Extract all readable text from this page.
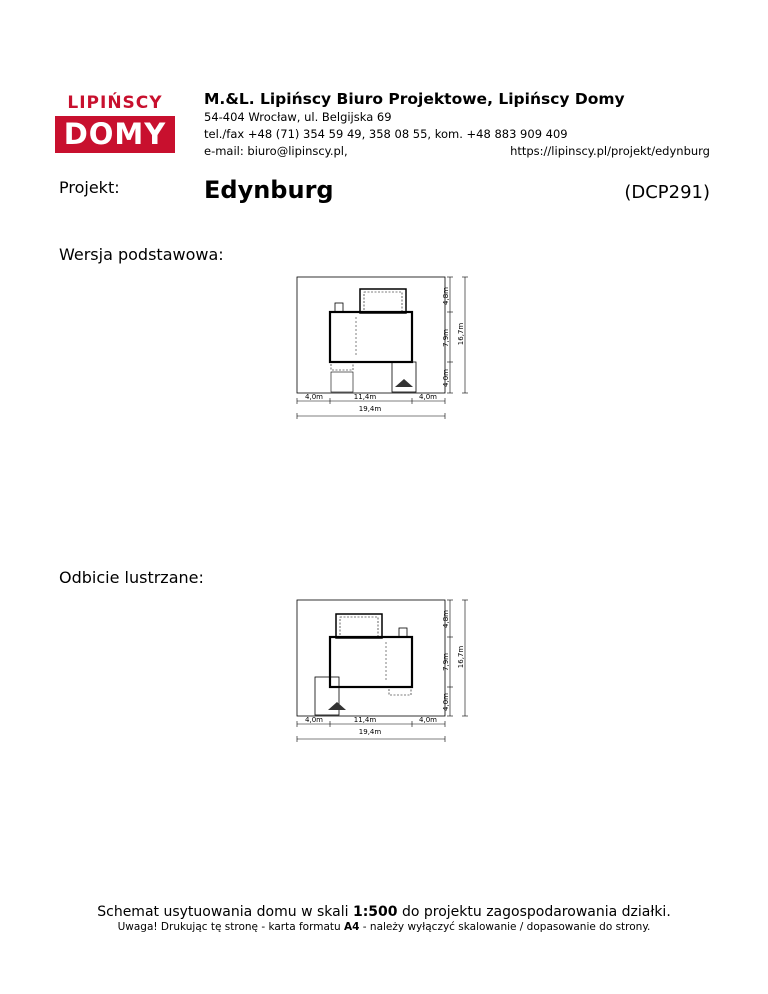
LIPIŃSCY
DOMY
M.&L. Lipińscy Biuro Projektowe, Lipińscy Domy
54-404 Wrocław, ul. Belgijska 69
tel./fax +48 (71) 354 59 49, 358 08 55, kom. +48 883 909 409
e-mail: biuro@lipinscy.pl,	https://lipinscy.pl/projekt/edynburg
Projekt:	Edynburg	(DCP291)
Wersja podstawowa:
4,8m
7,9m
4,0m
16,7m
4,0m	11,4m	4,0m
19,4m
Odbicie lustrzane:
4,8m
7,9m
4,0m
16,7m
4,0m	11,4m	4,0m
19,4m
Schemat usytuowania domu w skali 1:500 do projektu zagospodarowania działki.
Uwaga! Drukując tę stronę - karta formatu A4 - należy wyłączyć skalowanie / dopasowanie do strony.
